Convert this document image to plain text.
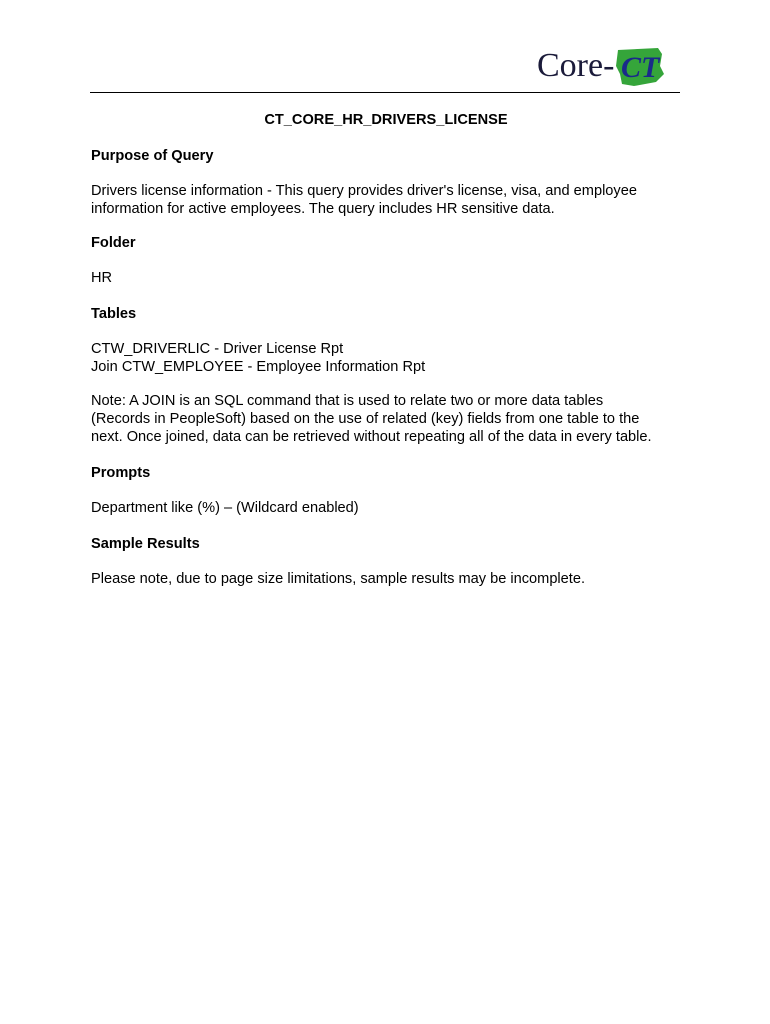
Core- CT
CT_CORE_HR_DRIVERS_LICENSE
Purpose of Query
Drivers license information - This query provides driver's license, visa, and employee
information for active employees. The query includes HR sensitive data.
Folder
HR
Tables
CTW_DRIVERLIC - Driver License Rpt
Join CTW_EMPLOYEE - Employee Information Rpt
Note: A JOIN is an SQL command that is used to relate two or more data tables
(Records in PeopleSoft) based on the use of related (key) fields from one table to the
next. Once joined, data can be retrieved without repeating all of the data in every table.
Prompts
Department like (%) – (Wildcard enabled)
Sample Results
Please note, due to page size limitations, sample results may be incomplete.
